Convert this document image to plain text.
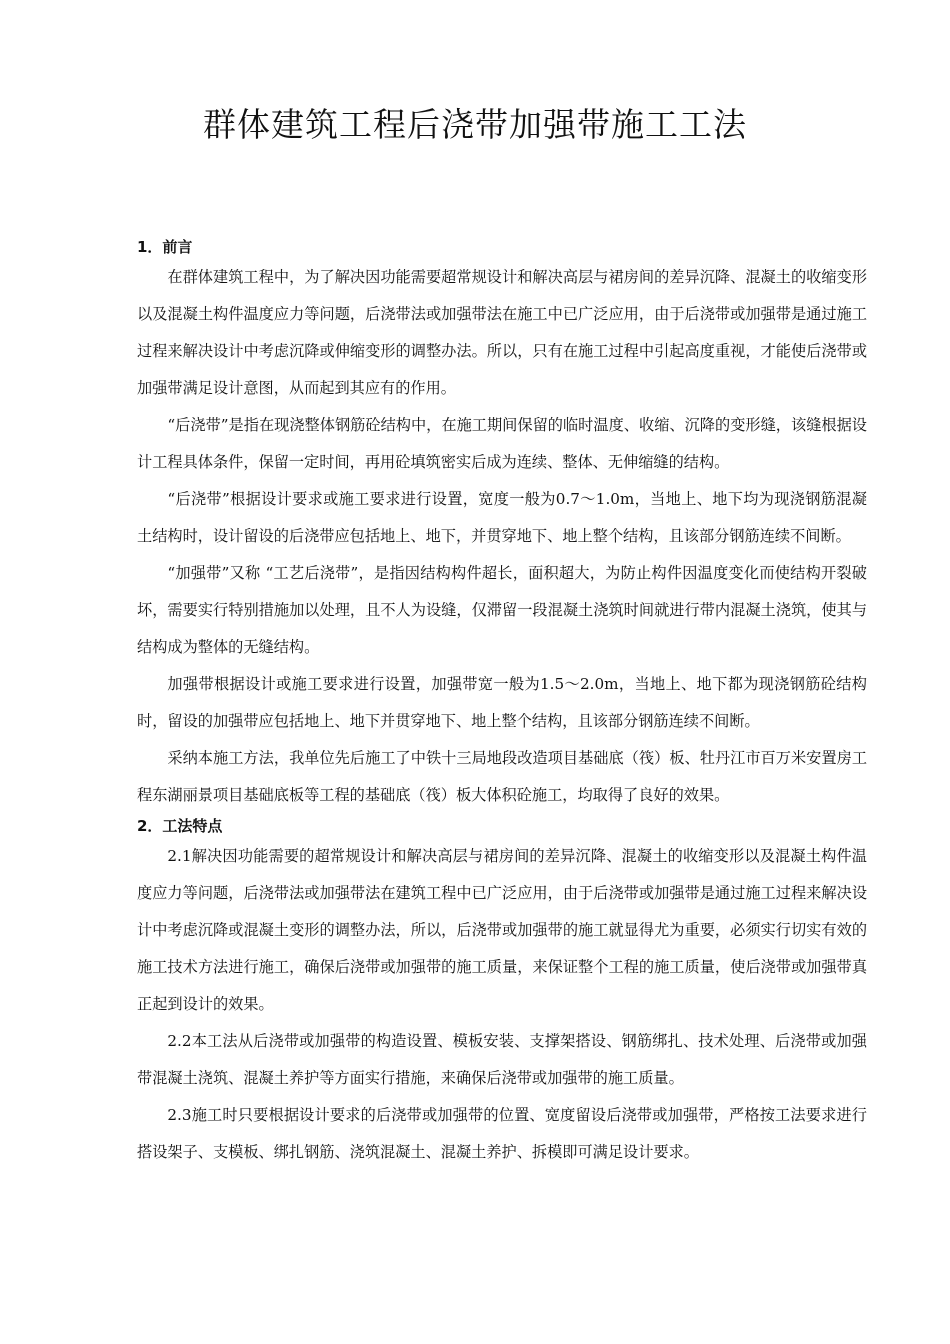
群体建筑工程后浇带加强带施工工法
1．前言

在群体建筑工程中，为了解决因功能需要超常规设计和解决高层与裙房间的差异沉降、混凝土的收缩变形以及混凝土构件温度应力等问题，后浇带法或加强带法在施工中已广泛应用，由于后浇带或加强带是通过施工过程来解决设计中考虑沉降或伸缩变形的调整办法。所以，只有在施工过程中引起高度重视，才能使后浇带或加强带满足设计意图，从而起到其应有的作用。

“后浇带”是指在现浇整体钢筋砼结构中，在施工期间保留的临时温度、收缩、沉降的变形缝，该缝根据设计工程具体条件，保留一定时间，再用砼填筑密实后成为连续、整体、无伸缩缝的结构。

“后浇带”根据设计要求或施工要求进行设置，宽度一般为0.7～1.0m，当地上、地下均为现浇钢筋混凝土结构时，设计留设的后浇带应包括地上、地下，并贯穿地下、地上整个结构，且该部分钢筋连续不间断。

“加强带”又称 “工艺后浇带”，是指因结构构件超长，面积超大，为防止构件因温度变化而使结构开裂破坏，需要实行特别措施加以处理，且不人为设缝，仅滞留一段混凝土浇筑时间就进行带内混凝土浇筑，使其与结构成为整体的无缝结构。

加强带根据设计或施工要求进行设置，加强带宽一般为1.5～2.0m，当地上、地下都为现浇钢筋砼结构时，留设的加强带应包括地上、地下并贯穿地下、地上整个结构，且该部分钢筋连续不间断。

采纳本施工方法，我单位先后施工了中铁十三局地段改造项目基础底（筏）板、牡丹江市百万米安置房工程东湖丽景项目基础底板等工程的基础底（筏）板大体积砼施工，均取得了良好的效果。

2．工法特点

2.1解决因功能需要的超常规设计和解决高层与裙房间的差异沉降、混凝土的收缩变形以及混凝土构件温度应力等问题，后浇带法或加强带法在建筑工程中已广泛应用，由于后浇带或加强带是通过施工过程来解决设计中考虑沉降或混凝土变形的调整办法，所以，后浇带或加强带的施工就显得尤为重要，必须实行切实有效的施工技术方法进行施工，确保后浇带或加强带的施工质量，来保证整个工程的施工质量，使后浇带或加强带真正起到设计的效果。

2.2本工法从后浇带或加强带的构造设置、模板安装、支撑架搭设、钢筋绑扎、技术处理、后浇带或加强带混凝土浇筑、混凝土养护等方面实行措施，来确保后浇带或加强带的施工质量。

2.3施工时只要根据设计要求的后浇带或加强带的位置、宽度留设后浇带或加强带，严格按工法要求进行搭设架子、支模板、绑扎钢筋、浇筑混凝土、混凝土养护、拆模即可满足设计要求。
